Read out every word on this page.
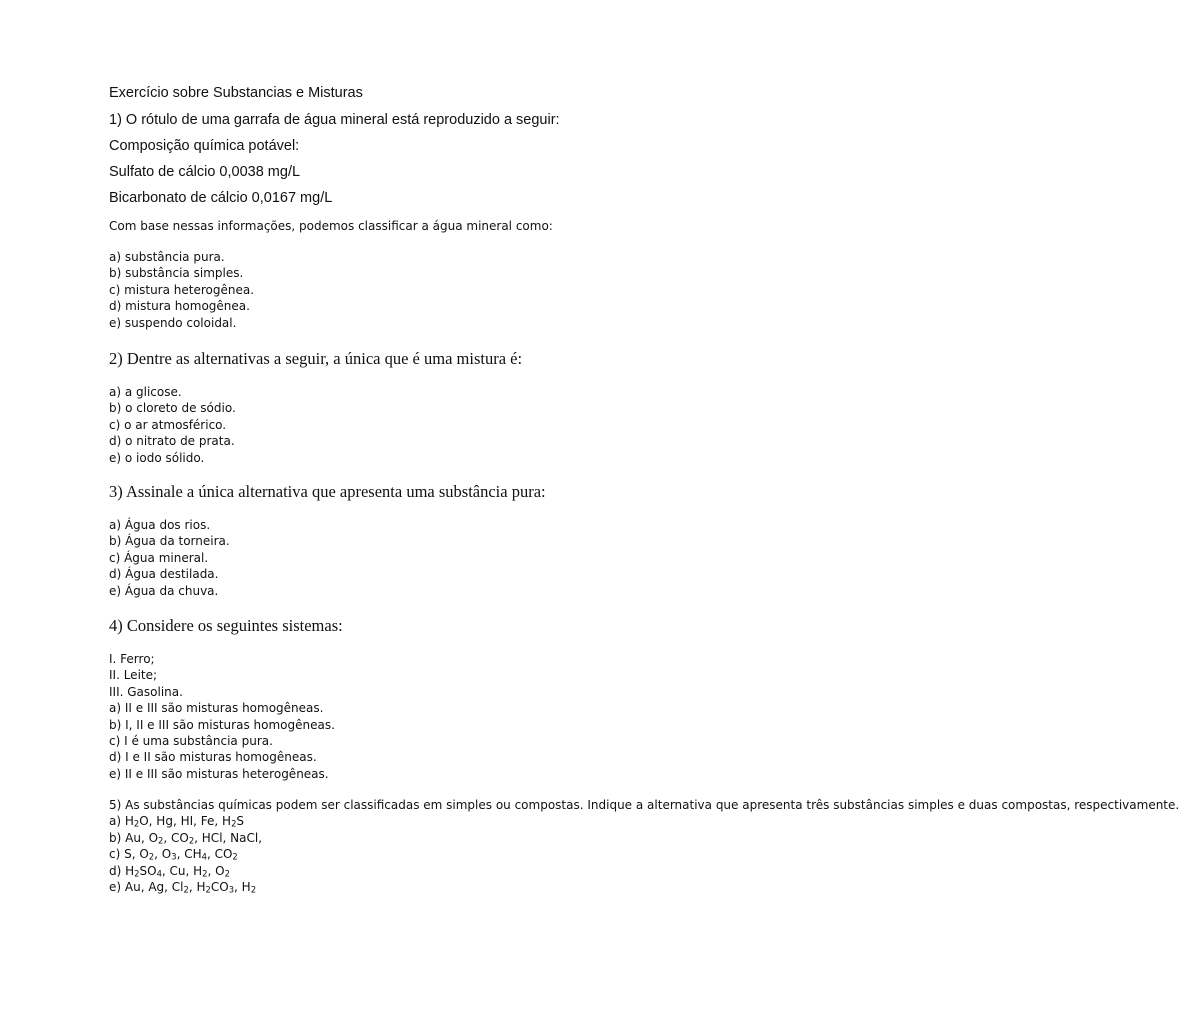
Exercício sobre Substancias e Misturas
1) O rótulo de uma garrafa de água mineral está reproduzido a seguir:
Composição química potável:
Sulfato de cálcio 0,0038 mg/L
Bicarbonato de cálcio 0,0167 mg/L
Com base nessas informações, podemos classificar a água mineral como:
a) substância pura.
b) substância simples.
c) mistura heterogênea.
d) mistura homogênea.
e) suspendo coloidal.
2) Dentre as alternativas a seguir, a única que é uma mistura é:
a) a glicose.
b) o cloreto de sódio.
c) o ar atmosférico.
d) o nitrato de prata.
e) o iodo sólido.
3) Assinale a única alternativa que apresenta uma substância pura:
a) Água dos rios.
b) Água da torneira.
c) Água mineral.
d) Água destilada.
e) Água da chuva.
4) Considere os seguintes sistemas:
I. Ferro;
II. Leite;
III. Gasolina.
a) II e III são misturas homogêneas.
b) I, II e III são misturas homogêneas.
c) I é uma substância pura.
d) I e II são misturas homogêneas.
e) II e III são misturas heterogêneas.
5) As substâncias químicas podem ser classificadas em simples ou compostas. Indique a alternativa que apresenta três substâncias simples e duas compostas, respectivamente.
a) $H_2O$, Hg, HI, Fe, $H_2S$
b) Au, $O_2$, $CO_2$, HCl, NaCl,
c) S, $O_2$, $O_3$, $CH_4$, $CO_2$
d) $H_2SO_4$, Cu, $H_2$, $O_2$
e) Au, Ag, $Cl_2$, $H_2CO_3$, $H_2$
